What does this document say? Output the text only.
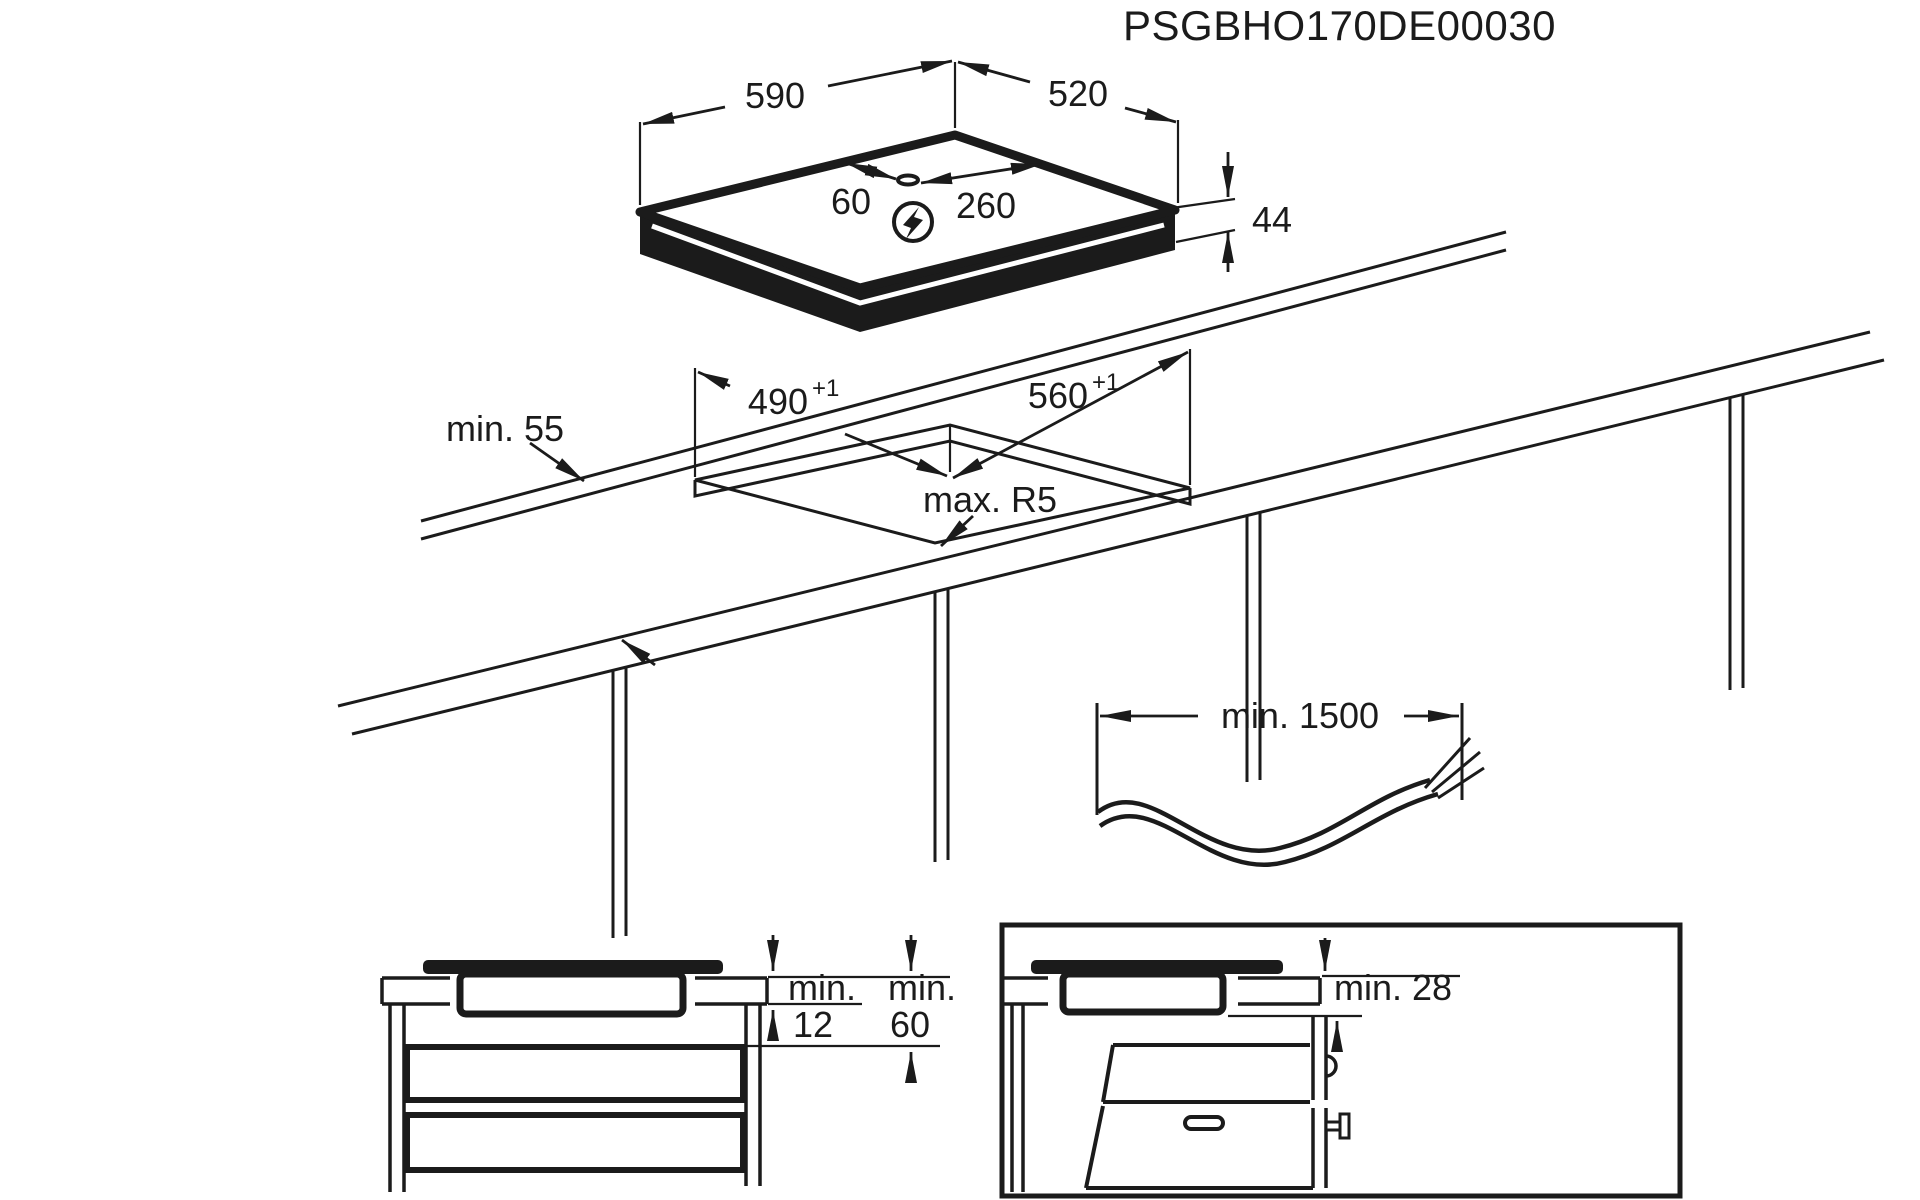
PSGBHO170DE00030
590	520
60 260	44
490 +1	560 +1
min. 55
max. R5
min. 1500
min.
12
min.
60
min. 28
